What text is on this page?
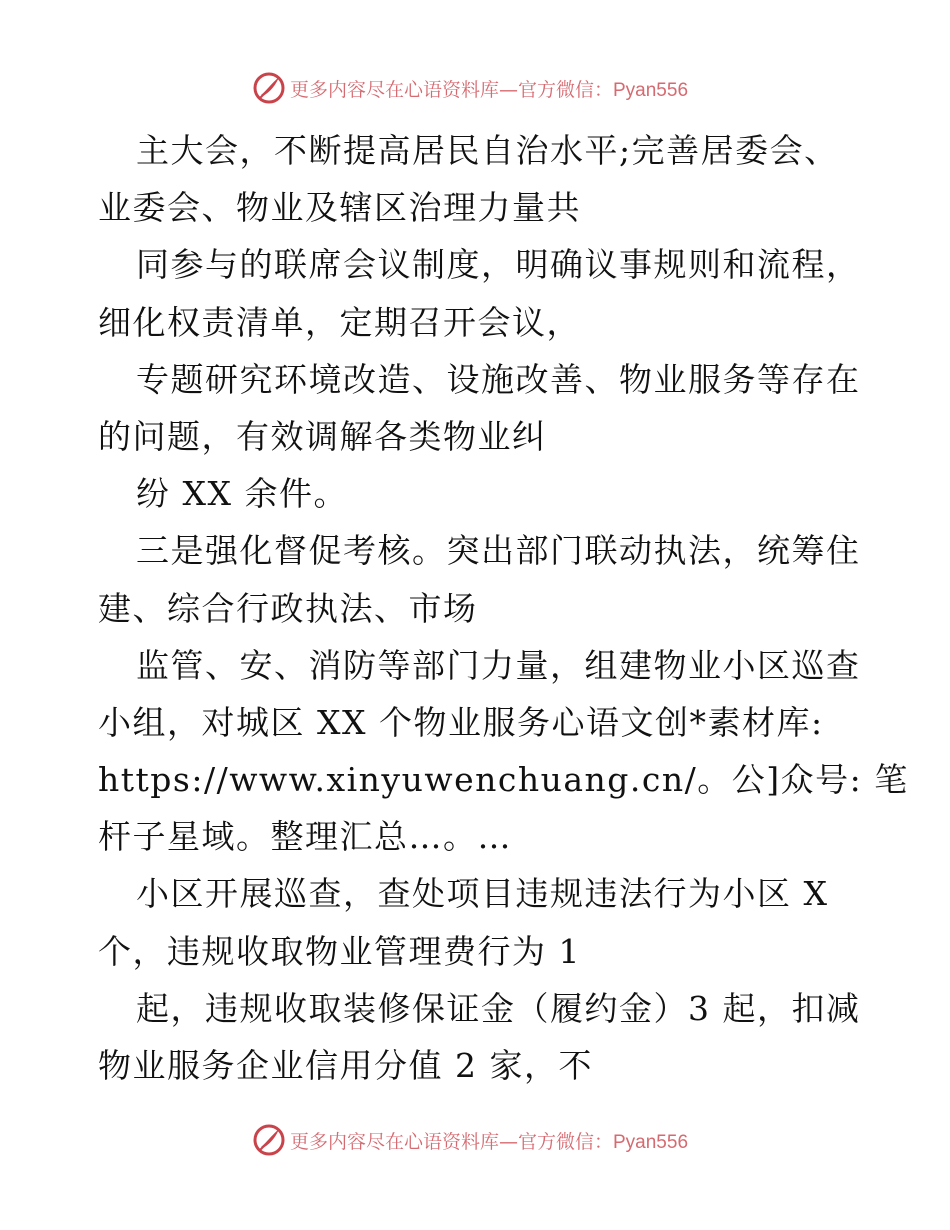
更多内容尽在心语资料库—官方微信：Pyan556
主大会，不断提高居民自治水平;完善居委会、
业委会、物业及辖区治理力量共
同参与的联席会议制度，明确议事规则和流程，
细化权责清单，定期召开会议，
专题研究环境改造、设施改善、物业服务等存在
的问题，有效调解各类物业纠
纷 XX 余件。
三是强化督促考核。突出部门联动执法，统筹住
建、综合行政执法、市场
监管、安、消防等部门力量，组建物业小区巡查
小组，对城区 XX 个物业服务心语文创*素材库:
https://www.xinyuwenchuang.cn/。公]众号: 笔
杆子星域。整理汇总…。…
小区开展巡查，查处项目违规违法行为小区 X
个，违规收取物业管理费行为 1
起，违规收取装修保证金（履约金）3 起，扣减
物业服务企业信用分值 2 家，不
更多内容尽在心语资料库—官方微信：Pyan556
